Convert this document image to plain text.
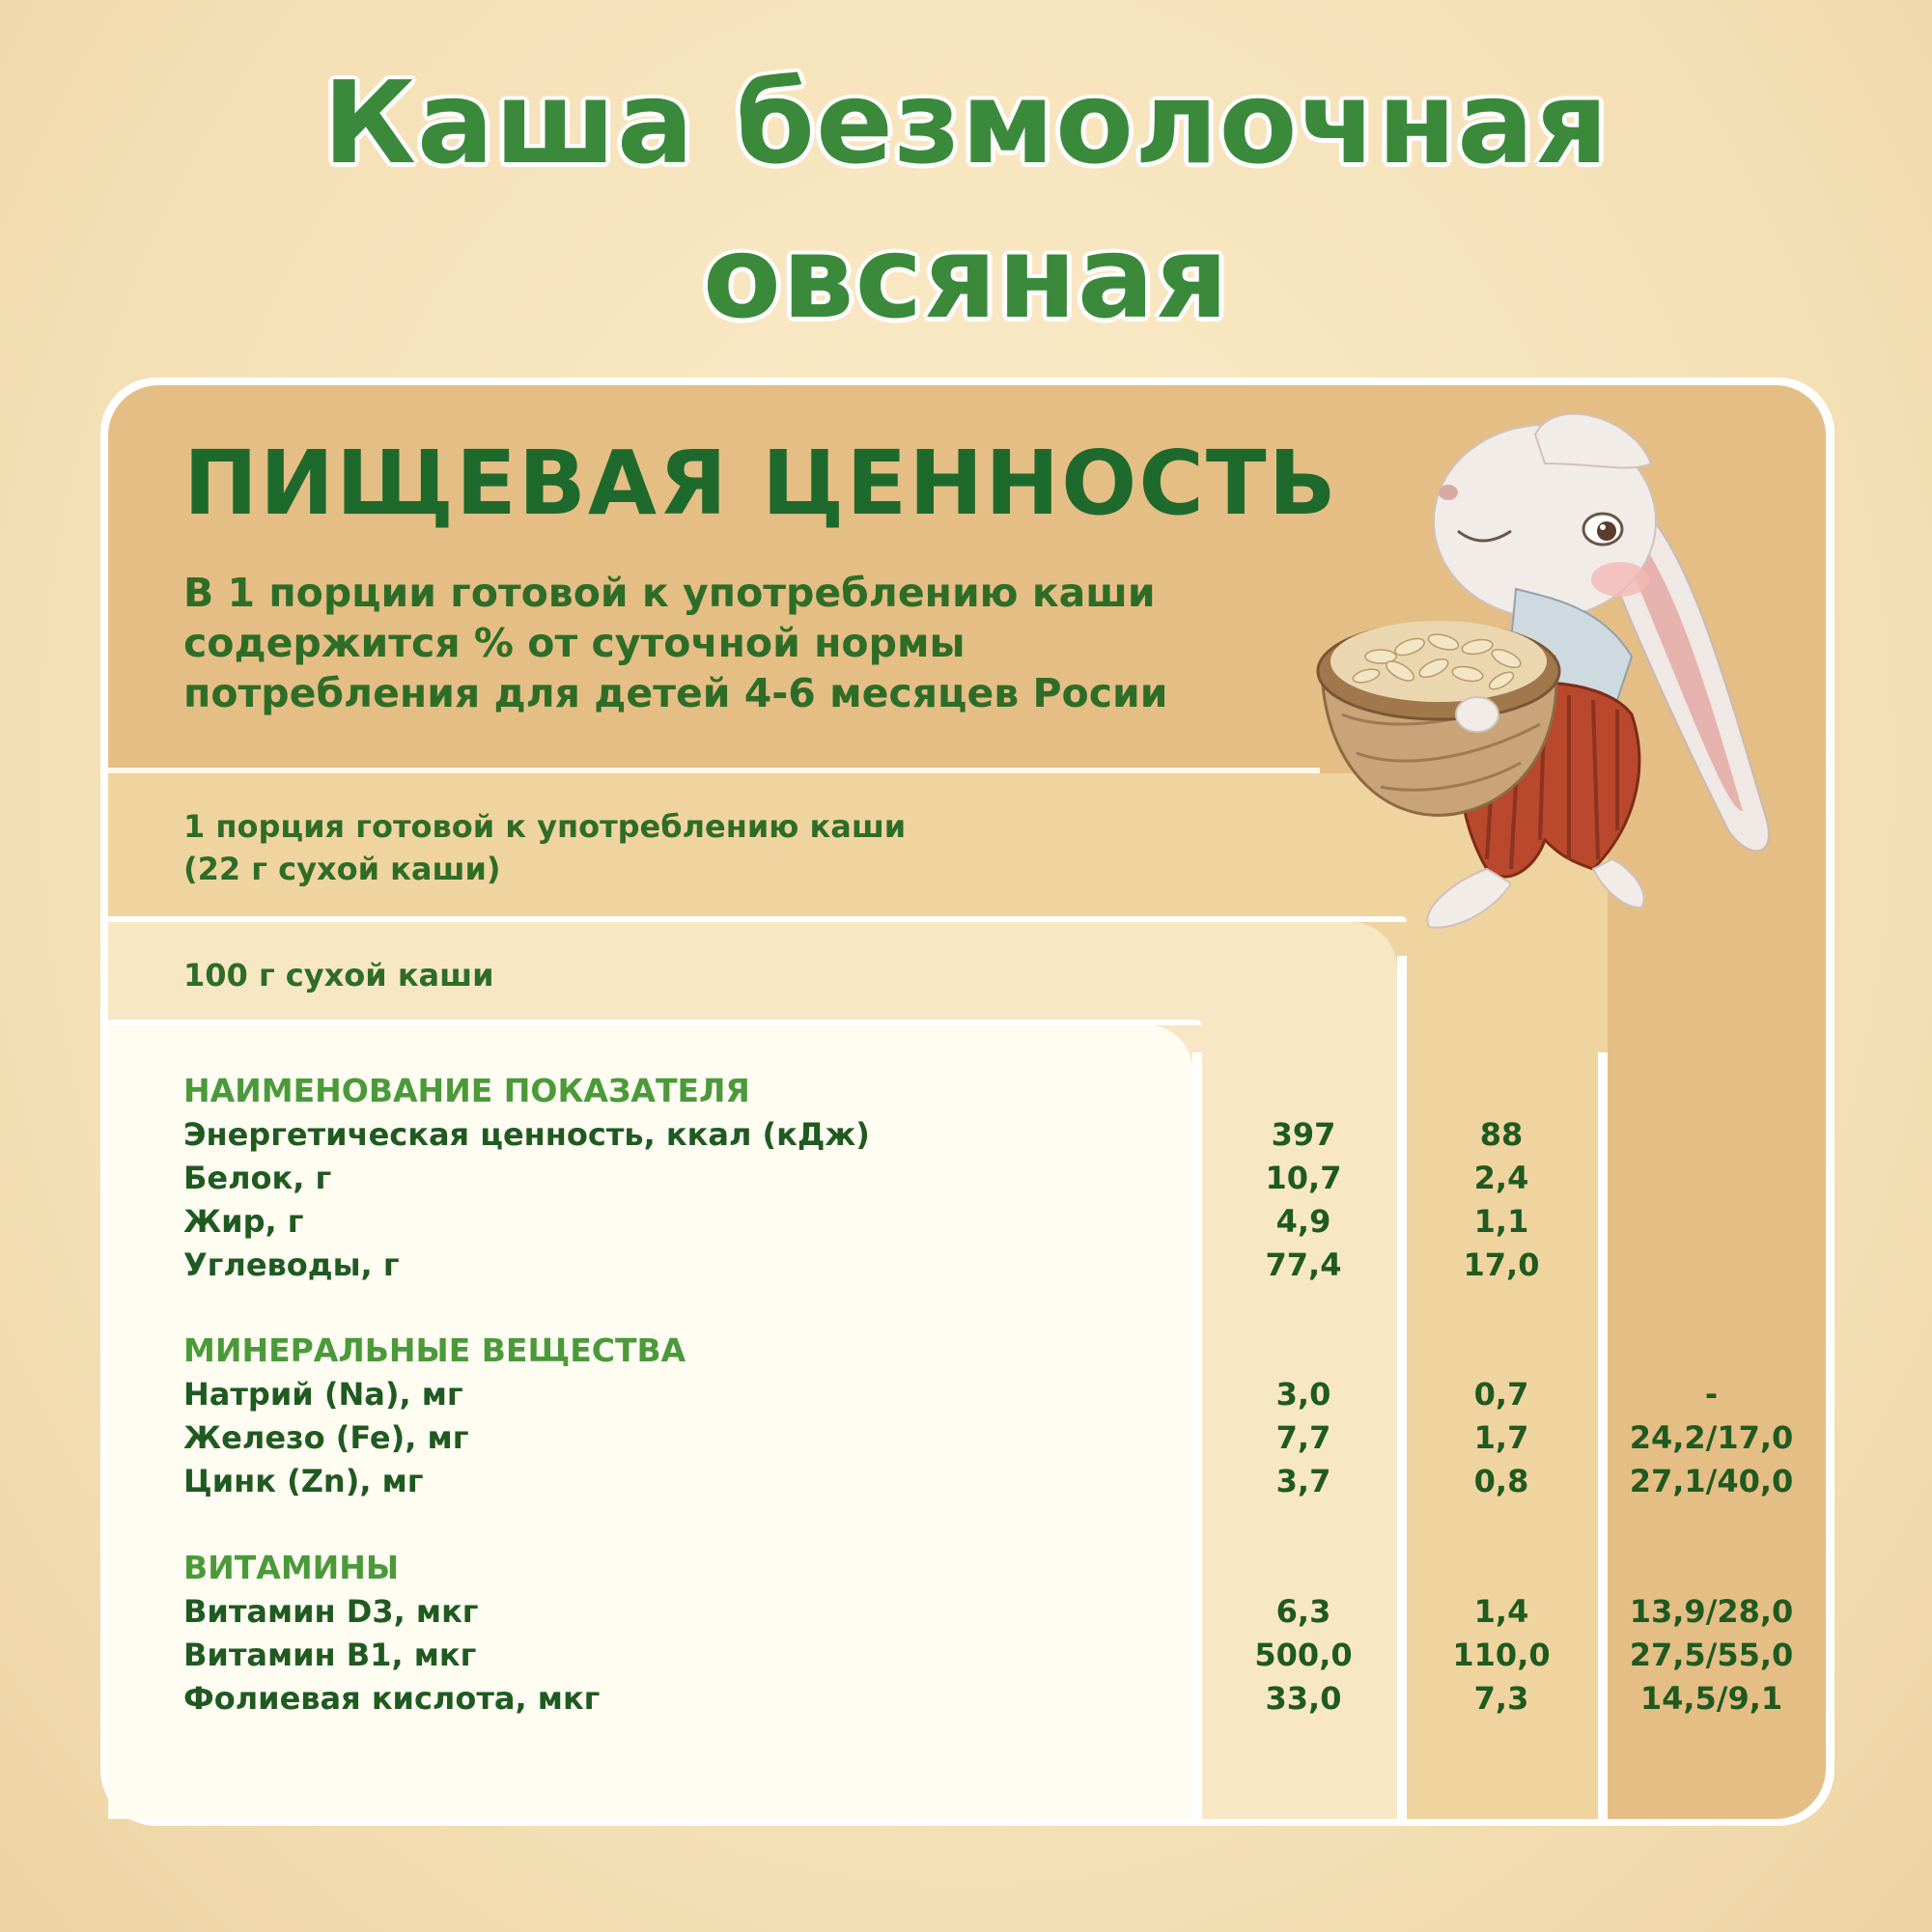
Каша безмолочная
овсяная
ПИЩЕВАЯ ЦЕННОСТЬ
В 1 порции готовой к употреблению каши
содержится % от суточной нормы
потребления для детей 4-6 месяцев Росии
1 порция готовой к употреблению каши
(22 г сухой каши)
100 г сухой каши
НАИМЕНОВАНИЕ ПОКАЗАТЕЛЯ
Энергетическая ценность, ккал (кДж)	397	88
Белок, г	10,7	2,4
Жир, г	4,9	1,1
Углеводы, г	77,4	17,0
МИНЕРАЛЬНЫЕ ВЕЩЕСТВА
Натрий (Na), мг	3,0	0,7	-
Железо (Fe), мг	7,7	1,7	24,2/17,0
Цинк (Zn), мг	3,7	0,8	27,1/40,0
ВИТАМИНЫ
Витамин D3, мкг	6,3	1,4	13,9/28,0
Витамин B1, мкг	500,0	110,0	27,5/55,0
Фолиевая кислота, мкг	33,0	7,3	14,5/9,1
